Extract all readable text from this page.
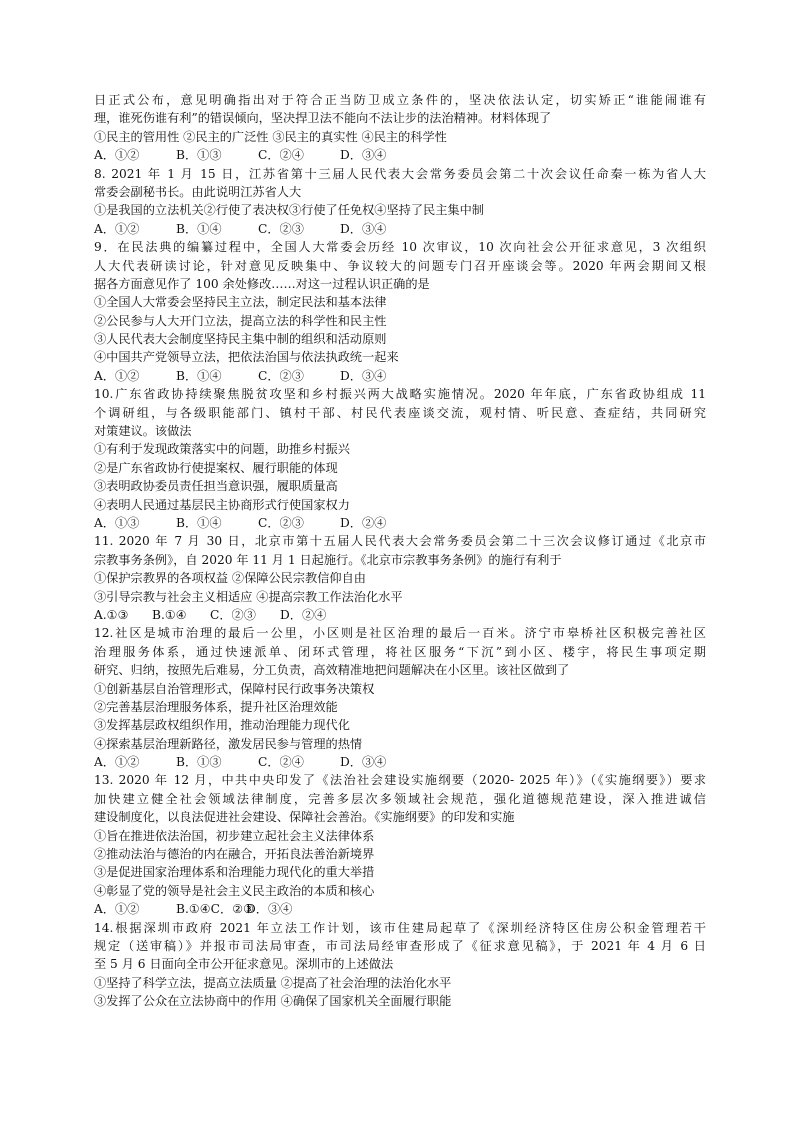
日正式公布，意见明确指出对于符合正当防卫成立条件的，坚决依法认定，切实矫正“谁能闹谁有
理，谁死伤谁有利”的错误倾向，坚决捍卫法不能向不法让步的法治精神。材料体现了
①民主的管用性 ②民主的广泛性 ③民主的真实性 ④民主的科学性
A．①②	B．①③	C．②④	D．③④
8. 2021 年 1 月 15 日，江苏省第十三届人民代表大会常务委员会第二十次会议任命秦一栋为省人大
常委会副秘书长。由此说明江苏省人大
①是我国的立法机关②行使了表决权③行使了任免权④坚持了民主集中制
A．①②	B．①④	C．②③	D．③④
9．在民法典的编纂过程中，全国人大常委会历经 10 次审议，10 次向社会公开征求意见，3 次组织
人大代表研读讨论，针对意见反映集中、争议较大的问题专门召开座谈会等。2020 年两会期间又根
据各方面意见作了 100 余处修改……对这一过程认识正确的是
①全国人大常委会坚持民主立法，制定民法和基本法律
②公民参与人大开门立法，提高立法的科学性和民主性
③人民代表大会制度坚持民主集中制的组织和活动原则
④中国共产党领导立法，把依法治国与依法执政统一起来
A．①②	B．①④	C．②③	D．③④
10.广东省政协持续聚焦脱贫攻坚和乡村振兴两大战略实施情况。2020 年年底，广东省政协组成 11
个调研组，与各级职能部门、镇村干部、村民代表座谈交流，观村情、听民意、查症结，共同研究
对策建议。该做法
①有利于发现政策落实中的问题，助推乡村振兴
②是广东省政协行使提案权、履行职能的体现
③表明政协委员责任担当意识强，履职质量高
④表明人民通过基层民主协商形式行使国家权力
A．①③	B．①④	C．②③	D．②④
11. 2020 年 7 月 30 日，北京市第十五届人民代表大会常务委员会第二十三次会议修订通过《北京市
宗教事务条例》，自 2020 年 11 月 1 日起施行。《北京市宗教事务条例》的施行有利于
①保护宗教界的各项权益 ②保障公民宗教信仰自由
③引导宗教与社会主义相适应 ④提高宗教工作法治化水平
A.①③	B.①④	C．②③	D．②④
12.社区是城市治理的最后一公里，小区则是社区治理的最后一百米。济宁市皋桥社区积极完善社区
治理服务体系，通过快速派单、闭环式管理，将社区服务“下沉”到小区、楼宇，将民生事项定期
研究、归纳，按照先后难易，分工负责，高效精准地把问题解决在小区里。该社区做到了
①创新基层自治管理形式，保障村民行政事务决策权
②完善基层治理服务体系，提升社区治理效能
③发挥基层政权组织作用，推动治理能力现代化
④探索基层治理新路径，激发居民参与管理的热情
A．①②	B．①③	C．②④	D．③④
13. 2020 年 12 月，中共中央印发了《法治社会建设实施纲要（2020- 2025 年）》（《实施纲要》）要求
加快建立健全社会领域法律制度，完善多层次多领域社会规范，强化道德规范建设，深入推进诚信
建设制度化，以良法促进社会建设、保障社会善治。《实施纲要》的印发和实施
①旨在推进依法治国，初步建立起社会主义法律体系
②推动法治与德治的内在融合，开拓良法善治新境界
③是促进国家治理体系和治理能力现代化的重大举措
④彰显了党的领导是社会主义民主政治的本质和核心
A．①②	B.①④C．②③
D．③④
14.根据深圳市政府 2021 年立法工作计划，该市住建局起草了《深圳经济特区住房公积金管理若干
规定（送审稿）》并报市司法局审查，市司法局经审查形成了《征求意见稿》，于 2021 年 4 月 6 日
至 5 月 6 日面向全市公开征求意见。深圳市的上述做法
①坚持了科学立法，提高立法质量 ②提高了社会治理的法治化水平
③发挥了公众在立法协商中的作用 ④确保了国家机关全面履行职能
